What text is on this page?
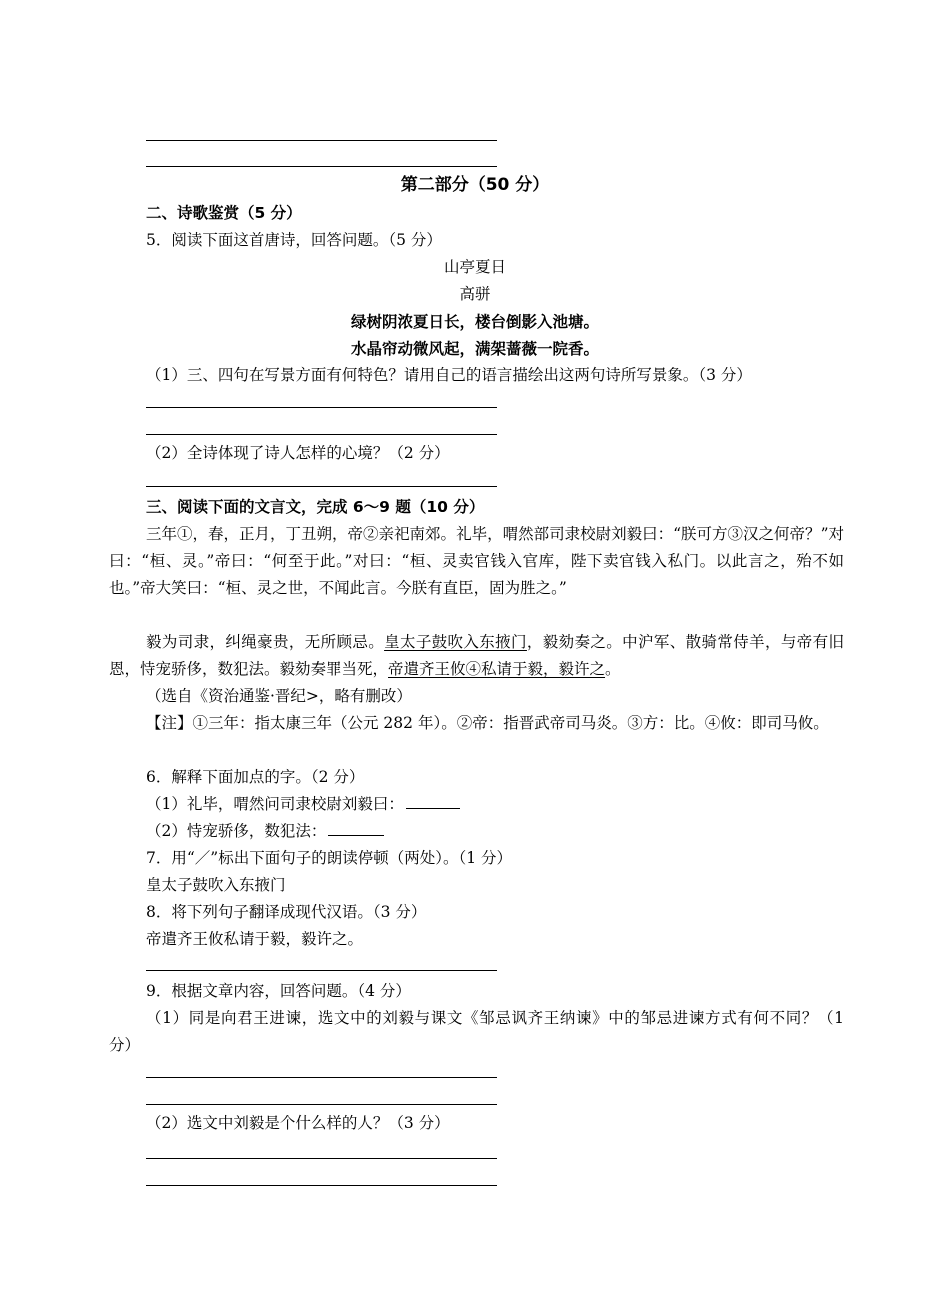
第二部分（50 分）
二、诗歌鉴赏（5 分）
5．阅读下面这首唐诗，回答问题。（5 分）
山亭夏日
高骈
绿树阴浓夏日长，楼台倒影入池塘。
水晶帘动微风起，满架蔷薇一院香。
（1）三、四句在写景方面有何特色？请用自己的语言描绘出这两句诗所写景象。（3 分）
（2）全诗体现了诗人怎样的心境？（2 分）
三、阅读下面的文言文，完成 6～9 题（10 分）
三年①，春，正月，丁丑朔，帝②亲祀南郊。礼毕，喟然部司隶校尉刘毅曰：“朕可方③汉之何帝？”对曰：“桓、灵。”帝曰：“何至于此。”对曰：“桓、灵卖官钱入官库，陛下卖官钱入私门。以此言之，殆不如也。”帝大笑曰：“桓、灵之世，不闻此言。今朕有直臣，固为胜之。”
毅为司隶，纠绳豪贵，无所顾忌。皇太子鼓吹入东掖门，毅劾奏之。中沪军、散骑常侍羊，与帝有旧恩，恃宠骄侈，数犯法。毅劾奏罪当死，帝遣齐王攸④私请于毅，毅许之。
（选自《资治通鉴·晋纪>，略有删改）
【注】①三年：指太康三年（公元 282 年）。②帝：指晋武帝司马炎。③方：比。④攸：即司马攸。
6．解释下面加点的字。（2 分）
（1）礼毕，喟然问司隶校尉刘毅曰：
（2）恃宠骄侈，数犯法：
7．用“／”标出下面句子的朗读停顿（两处）。（1 分）
皇太子鼓吹入东掖门
8．将下列句子翻译成现代汉语。（3 分）
帝遣齐王攸私请于毅，毅许之。
9．根据文章内容，回答问题。（4 分）
（1）同是向君王进谏，选文中的刘毅与课文《邹忌讽齐王纳谏》中的邹忌进谏方式有何不同？（1 分）
（2）选文中刘毅是个什么样的人？（3 分）
